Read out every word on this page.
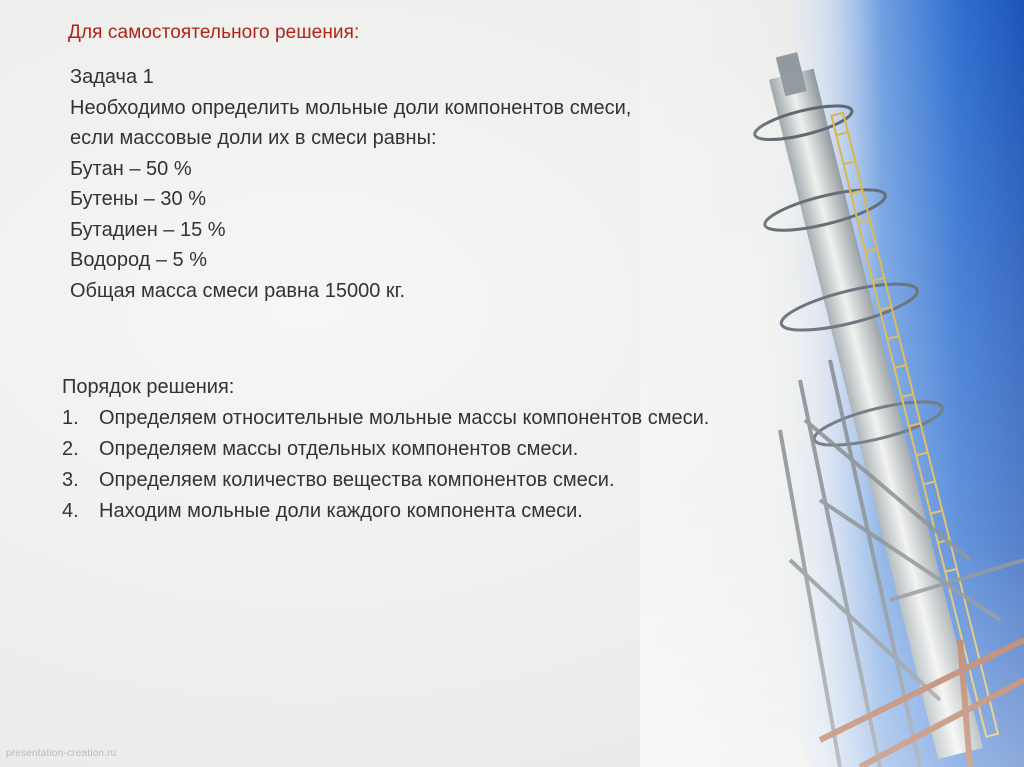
Для самостоятельного решения:
Задача 1
Необходимо определить мольные доли компонентов смеси,
если массовые доли их в смеси равны:
Бутан – 50 %
Бутены – 30 %
Бутадиен – 15 %
Водород – 5 %
Общая масса смеси равна 15000 кг.
Порядок решения:
1.	Определяем относительные мольные массы компонентов смеси.
2.	Определяем массы отдельных компонентов смеси.
3.	Определяем количество вещества компонентов смеси.
4.	Находим мольные доли каждого компонента смеси.
presentation-creation.ru
